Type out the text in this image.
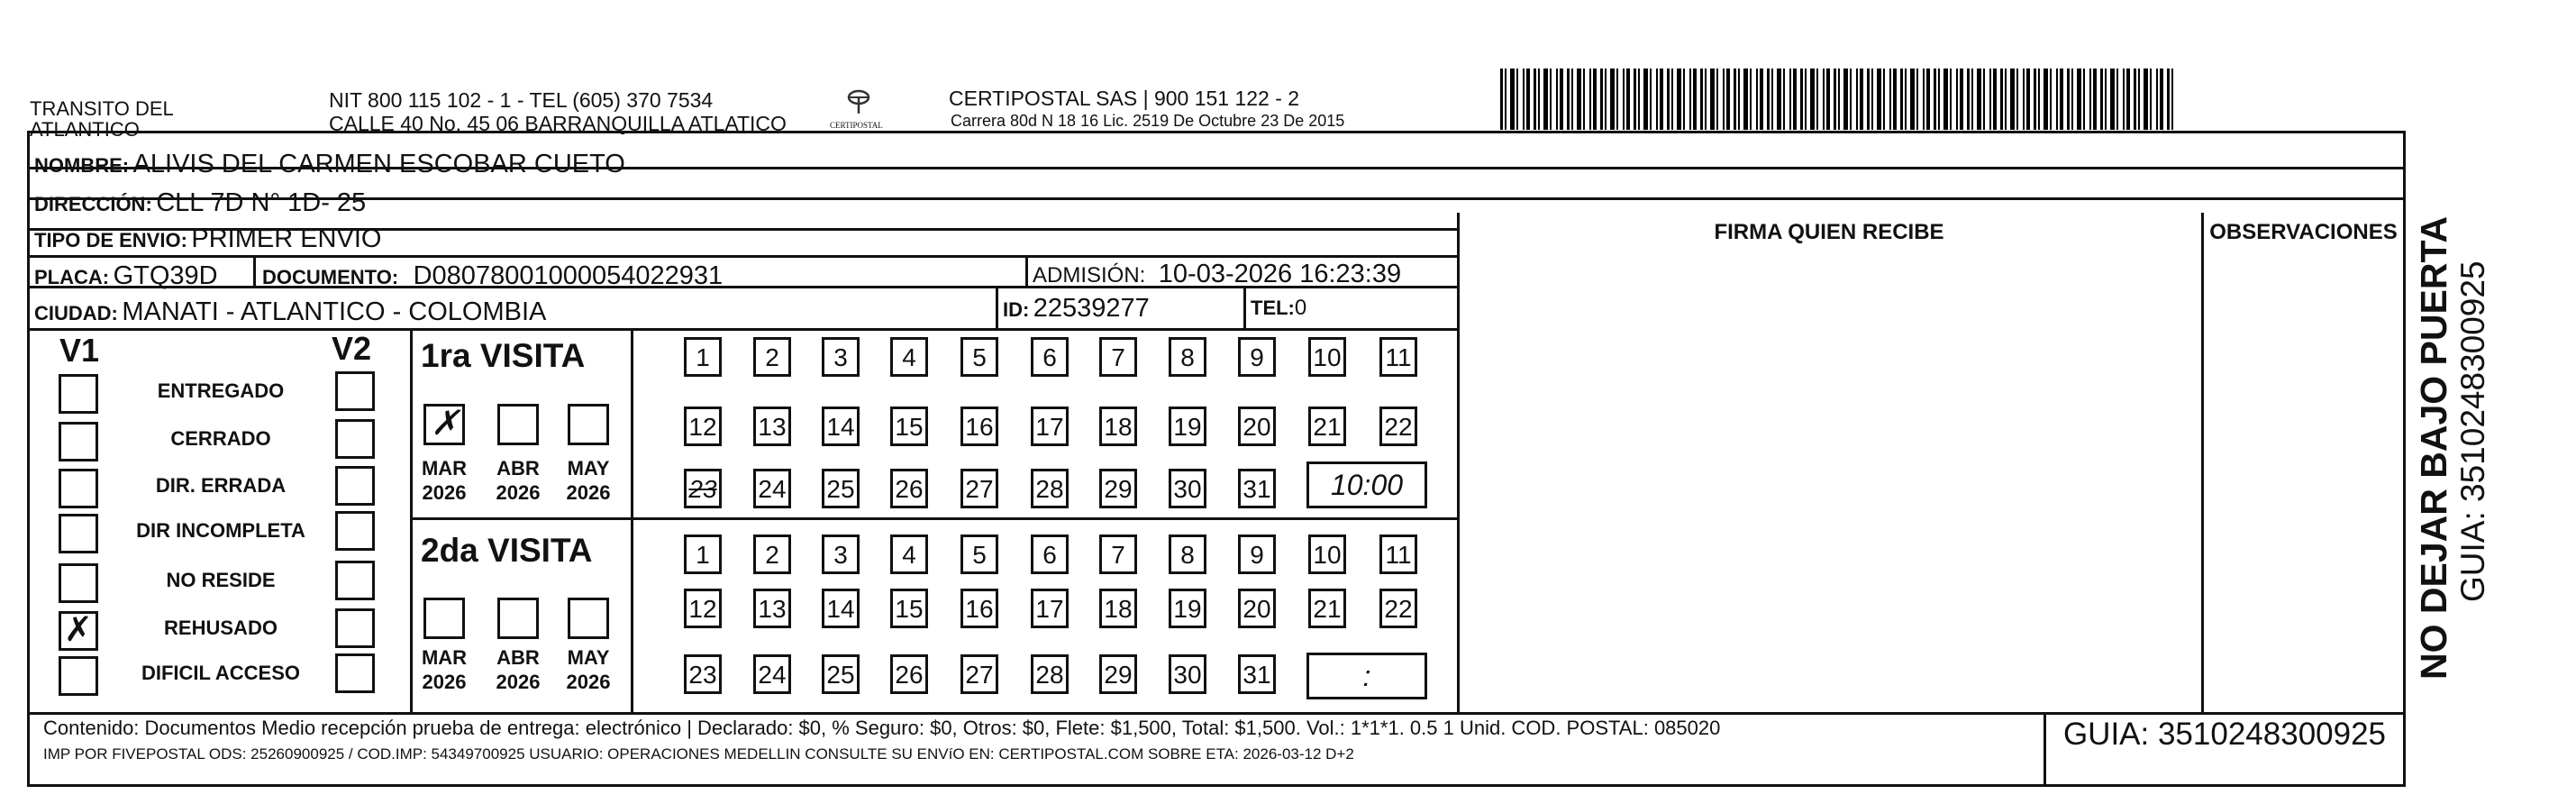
TRANSITO DEL
ATLANTICO
NIT 800 115 102 - 1 - TEL (605) 370 7534
CALLE 40 No. 45 06 BARRANQUILLA ATLATICO	CERTIPOSTAL
CERTIPOSTAL SAS | 900 151 122 - 2
Carrera 80d N 18 16 Lic. 2519 De Octubre 23 De 2015
NOMBRE: ALIVIS DEL CARMEN ESCOBAR CUETO
DIRECCIÓN: CLL 7D N° 1D- 25
TIPO DE ENVIO: PRIMER ENVIO
PLACA: GTQ39D DOCUMENTO: D08078001000054022931	ADMISIÓN: 10-03-2026 16:23:39
CIUDAD: MANATI - ATLANTICO - COLOMBIA	ID: 22539277	TEL:0
FIRMA QUIEN RECIBE	OBSERVACIONES
V1	V2
ENTREGADO
CERRADO
DIR. ERRADA
DIR INCOMPLETA
NO RESIDE
✗	REHUSADO
DIFICIL ACCESO
1ra VISITA
2da VISITA
✗
MAR
2026
ABR
2026
MAY
2026
1	2	3	4	5	6	7	8	9	10 11
12 13 14 15 16 17 18 19 20 21 22
23 24 25 26 27 28 29 30 31	10:00
MAR
2026
ABR
2026
MAY
2026
1	2	3	4	5	6	7	8	9	10 11
12 13 14 15 16 17 18 19 20 21 22
23 24 25 26 27 28 29 30 31	:
Contenido: Documentos Medio recepción prueba de entrega: electrónico | Declarado: $0, % Seguro: $0, Otros: $0, Flete: $1,500, Total: $1,500. Vol.: 1*1*1. 0.5 1 Unid. COD. POSTAL: 085020
IMP POR FIVEPOSTAL ODS: 25260900925 / COD.IMP: 54349700925 USUARIO: OPERACIONES MEDELLIN CONSULTE SU ENVíO EN: CERTIPOSTAL.COM SOBRE ETA: 2026-03-12 D+2
GUIA: 3510248300925
NO DEJAR BAJO PUERTA GUIA: 3510248300925
